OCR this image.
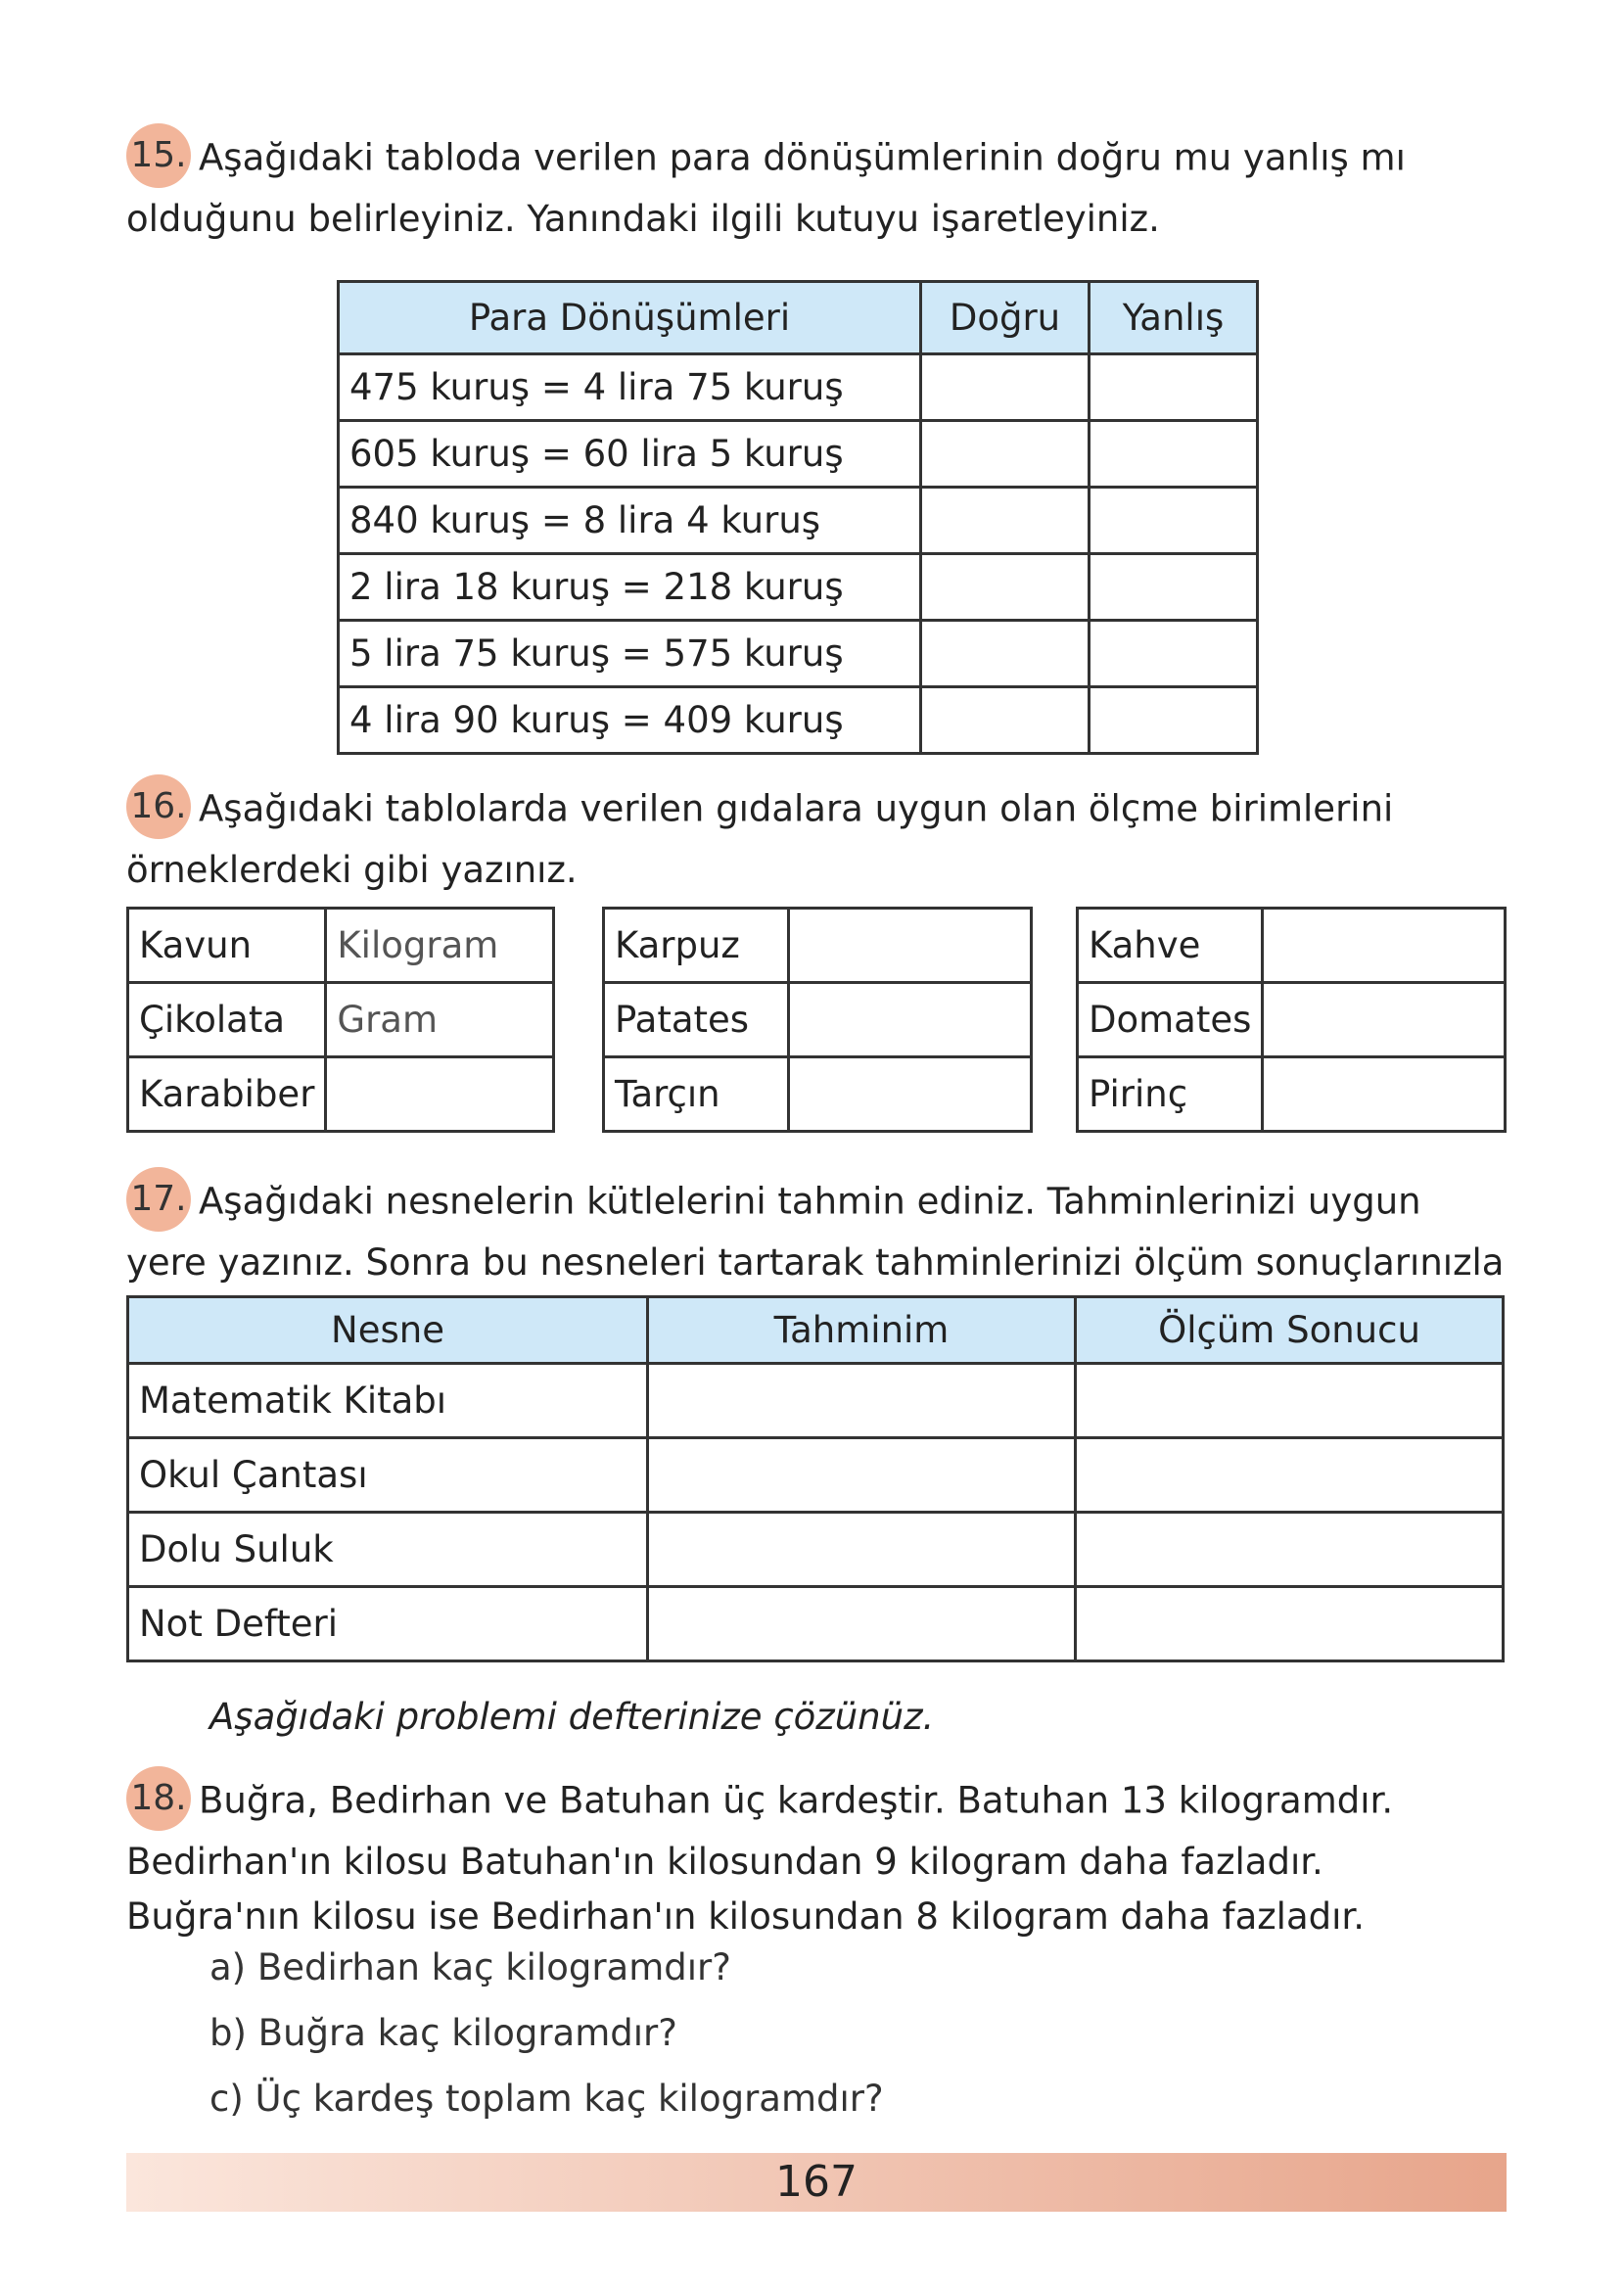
15. Aşağıdaki tabloda verilen para dönüşümlerinin doğru mu yanlış mı olduğunu belirleyiniz. Yanındaki ilgili kutuyu işaretleyiniz.
Para Dönüşümleri	Doğru	Yanlış
475 kuruş = 4 lira 75 kuruş		
605 kuruş = 60 lira 5 kuruş		
840 kuruş = 8 lira 4 kuruş		
2 lira 18 kuruş = 218 kuruş		
5 lira 75 kuruş = 575 kuruş		
4 lira 90 kuruş = 409 kuruş		
16. Aşağıdaki tablolarda verilen gıdalara uygun olan ölçme birimlerini örneklerdeki gibi yazınız.
Kavun	Kilogram
Çikolata	Gram
Karabiber	
Karpuz	
Patates	
Tarçın	
Kahve	
Domates	
Pirinç	
17. Aşağıdaki nesnelerin kütlelerini tahmin ediniz. Tahminlerinizi uygun yere yazınız. Sonra bu nesneleri tartarak tahminlerinizi ölçüm sonuçlarınızla
Nesne	Tahminim	Ölçüm Sonucu
Matematik Kitabı		
Okul Çantası		
Dolu Suluk		
Not Defteri		
Aşağıdaki problemi defterinize çözünüz.
18. Buğra, Bedirhan ve Batuhan üç kardeştir. Batuhan 13 kilogramdır. Bedirhan'ın kilosu Batuhan'ın kilosundan 9 kilogram daha fazladır. Buğra'nın kilosu ise Bedirhan'ın kilosundan 8 kilogram daha fazladır.
a) Bedirhan kaç kilogramdır?
b) Buğra kaç kilogramdır?
c) Üç kardeş toplam kaç kilogramdır?
167
